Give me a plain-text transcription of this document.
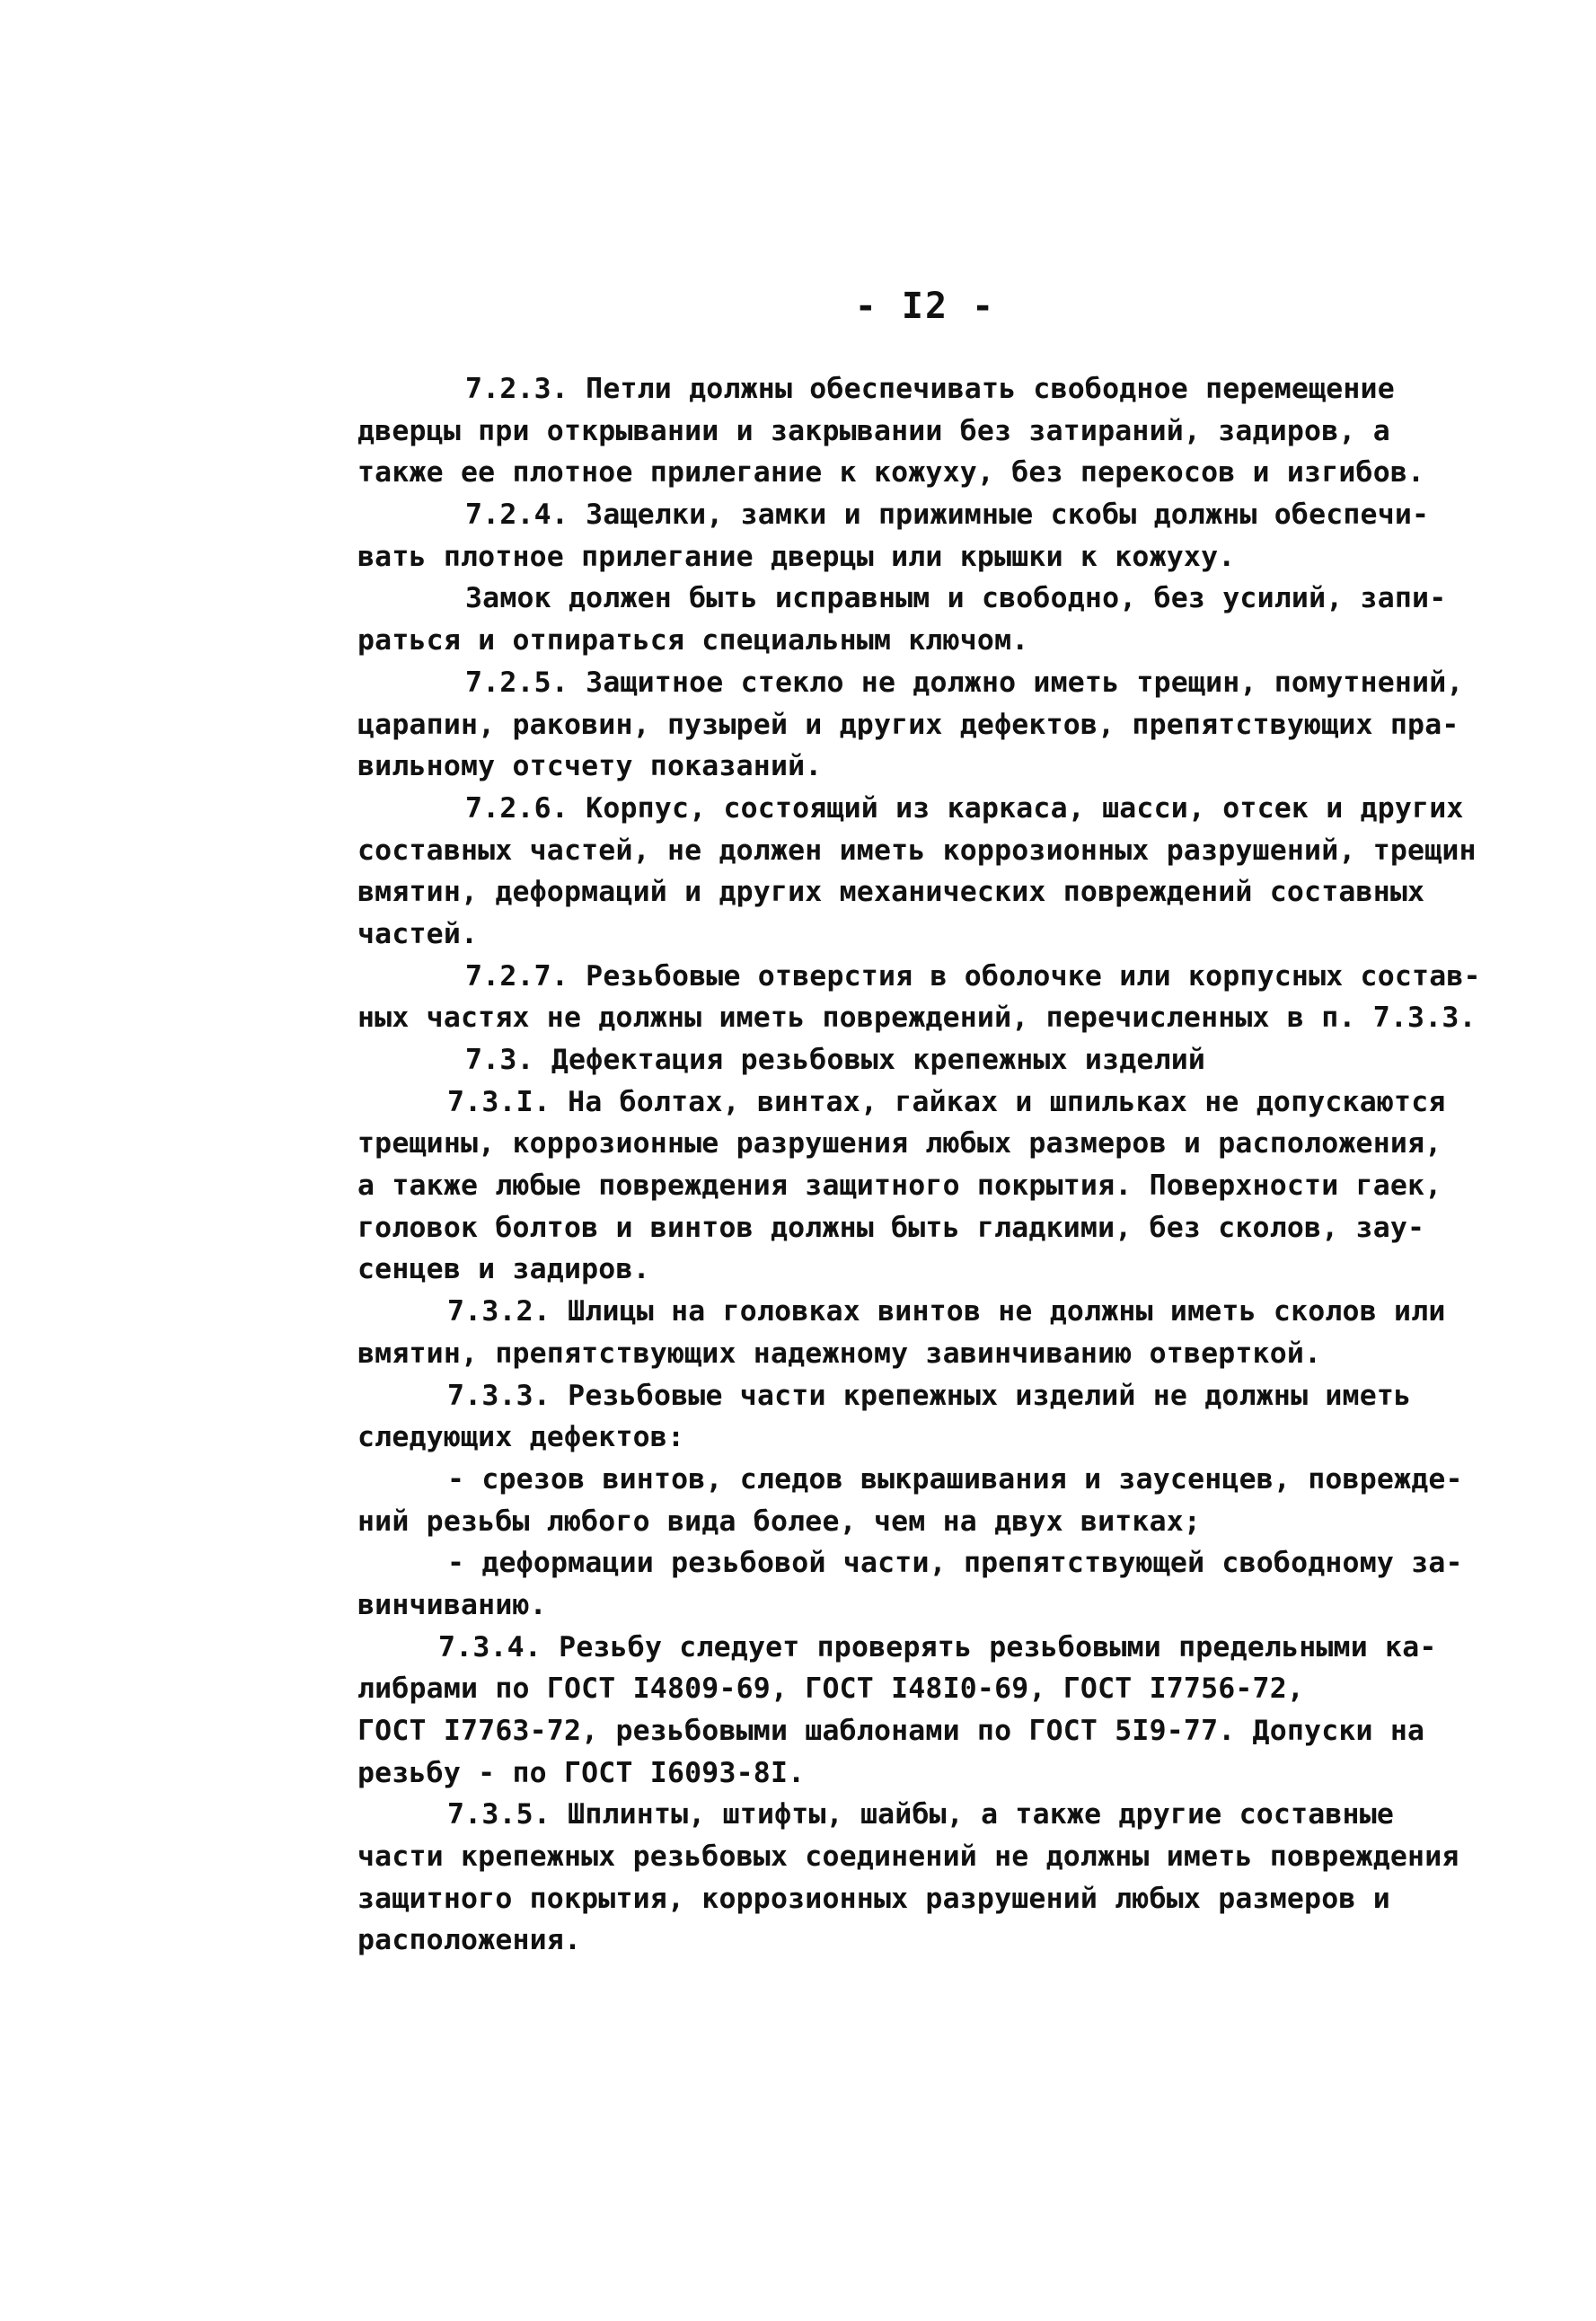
- I2 -
7.2.3. Петли должны обеспечивать свободное перемещение
дверцы при открывании и закрывании без затираний, задиров, а
также ее плотное прилегание к кожуху, без перекосов и изгибов.
7.2.4. Защелки, замки и прижимные скобы должны обеспечи-
вать плотное прилегание дверцы или крышки к кожуху.
Замок должен быть исправным и свободно, без усилий, запи-
раться и отпираться специальным ключом.
7.2.5. Защитное стекло не должно иметь трещин, помутнений,
царапин, раковин, пузырей и других дефектов, препятствующих пра-
вильному отсчету показаний.
7.2.6. Корпус, состоящий из каркаса, шасси, отсек и других
составных частей, не должен иметь коррозионных разрушений, трещин
вмятин, деформаций и других механических повреждений составных
частей.
7.2.7. Резьбовые отверстия в оболочке или корпусных состав-
ных частях не должны иметь повреждений, перечисленных в п. 7.3.3.
7.3. Дефектация резьбовых крепежных изделий
7.3.I. На болтах, винтах, гайках и шпильках не допускаются
трещины, коррозионные разрушения любых размеров и расположения,
а также любые повреждения защитного покрытия. Поверхности гаек,
головок болтов и винтов должны быть гладкими, без сколов, зау-
сенцев и задиров.
7.3.2. Шлицы на головках винтов не должны иметь сколов или
вмятин, препятствующих надежному завинчиванию отверткой.
7.3.3. Резьбовые части крепежных изделий не должны иметь
следующих дефектов:
- срезов винтов, следов выкрашивания и заусенцев, поврежде-
ний резьбы любого вида более, чем на двух витках;
- деформации резьбовой части, препятствующей свободному за-
винчиванию.
7.3.4. Резьбу следует проверять резьбовыми предельными ка-
либрами по ГОСТ I4809-69, ГОСТ I48I0-69, ГОСТ I7756-72,
ГОСТ I7763-72, резьбовыми шаблонами по ГОСТ 5I9-77. Допуски на
резьбу - по ГОСТ I6093-8I.
7.3.5. Шплинты, штифты, шайбы, а также другие составные
части крепежных резьбовых соединений не должны иметь повреждения
защитного покрытия, коррозионных разрушений любых размеров и
расположения.
